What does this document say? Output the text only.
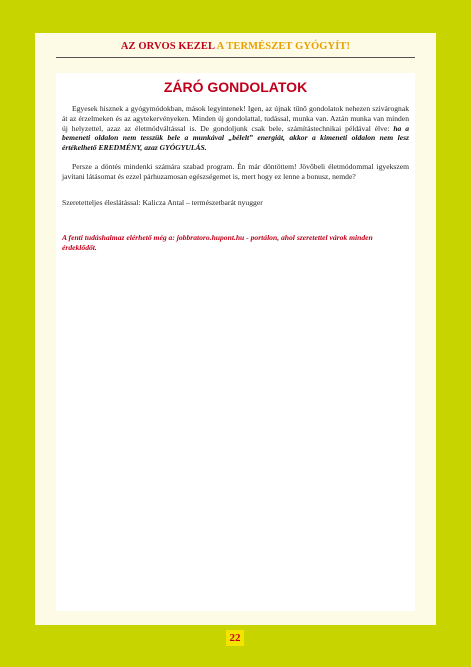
AZ ORVOS KEZEL A TERMÉSZET GYÓGYÍT!
ZÁRÓ GONDOLATOK

Egyesek hisznek a gyógymódokban, mások legyintenek! Igen, az újnak tűnő gondolatok nehezen szivárognak át az érzelmeken és az agytekervényeken. Minden új gondolattal, tudással, munka van. Aztán munka van minden új helyzettel, azaz az életmódváltással is. De gondoljunk csak bele, számítástechnikai példával élve: ha a bemeneti oldalon nem tesszük bele a munkával „bélelt” energiát, akkor a kimeneti oldalon nem lesz értékelhető EREDMÉNY, azaz GYÓGYULÁS.

Persze a döntés mindenki számára szabad program. Én már döntöttem! Jövőbeli életmódommal igyekszem javítani látásomat és ezzel párhuzamosan egészségemet is, mert hogy ez lenne a bonusz, nemde?

Szeretetteljes éleslátással: Kalicza Antal – természetbarát nyugger

A fenti tudáshalmaz elérhető még a: jobbratoro.hupont.hu - portálon, ahol szeretettel várok minden érdeklődőt.

22
